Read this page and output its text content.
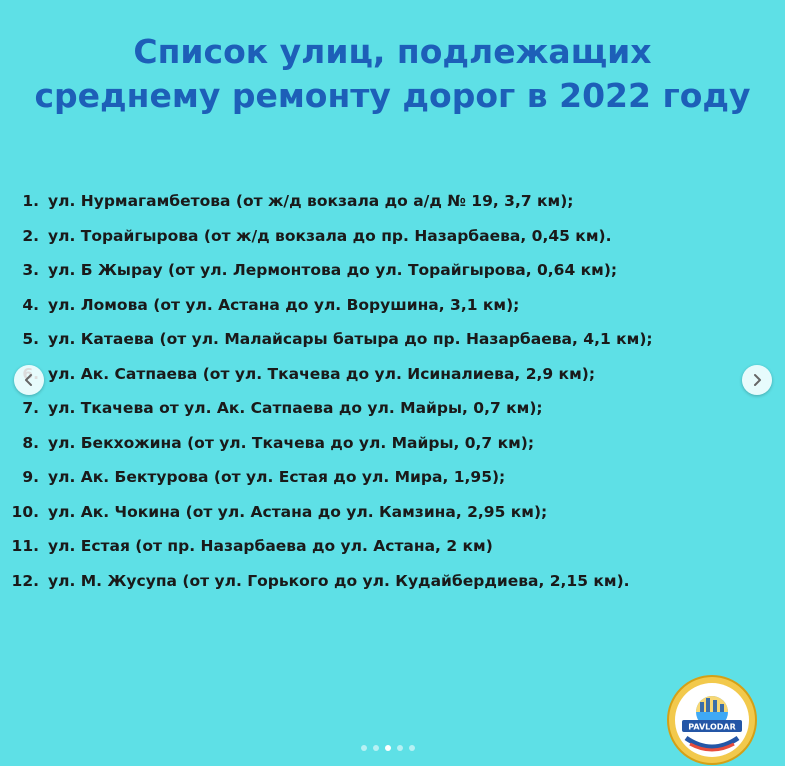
Список улиц, подлежащих
среднему ремонту дорог в 2022 году
1. ул. Нурмагамбетова (от ж/д вокзала до а/д № 19, 3,7 км);
2. ул. Торайгырова (от ж/д вокзала до пр. Назарбаева, 0,45 км).
3. ул. Б Жырау (от ул. Лермонтова до ул. Торайгырова, 0,64 км);
4. ул. Ломова (от ул. Астана до ул. Ворушина, 3,1 км);
5. ул. Катаева (от ул. Малайсары батыра до пр. Назарбаева, 4,1 км);
ул. Ак. Сатпаева (от ул. Ткачева до ул. Исиналиева, 2,9 км);
7. ул. Ткачева от ул. Ак. Сатпаева до ул. Майры, 0,7 км);
8. ул. Бекхожина (от ул. Ткачева до ул. Майры, 0,7 км);
9. ул. Ак. Бектурова (от ул. Естая до ул. Мира, 1,95);
10. ул. Ак. Чокина (от ул. Астана до ул. Камзина, 2,95 км);
11. ул. Естая (от пр. Назарбаева до ул. Астана, 2 км)
12. ул. М. Жусупа (от ул. Горького до ул. Кудайбердиева, 2,15 км).
PAVLODAR
